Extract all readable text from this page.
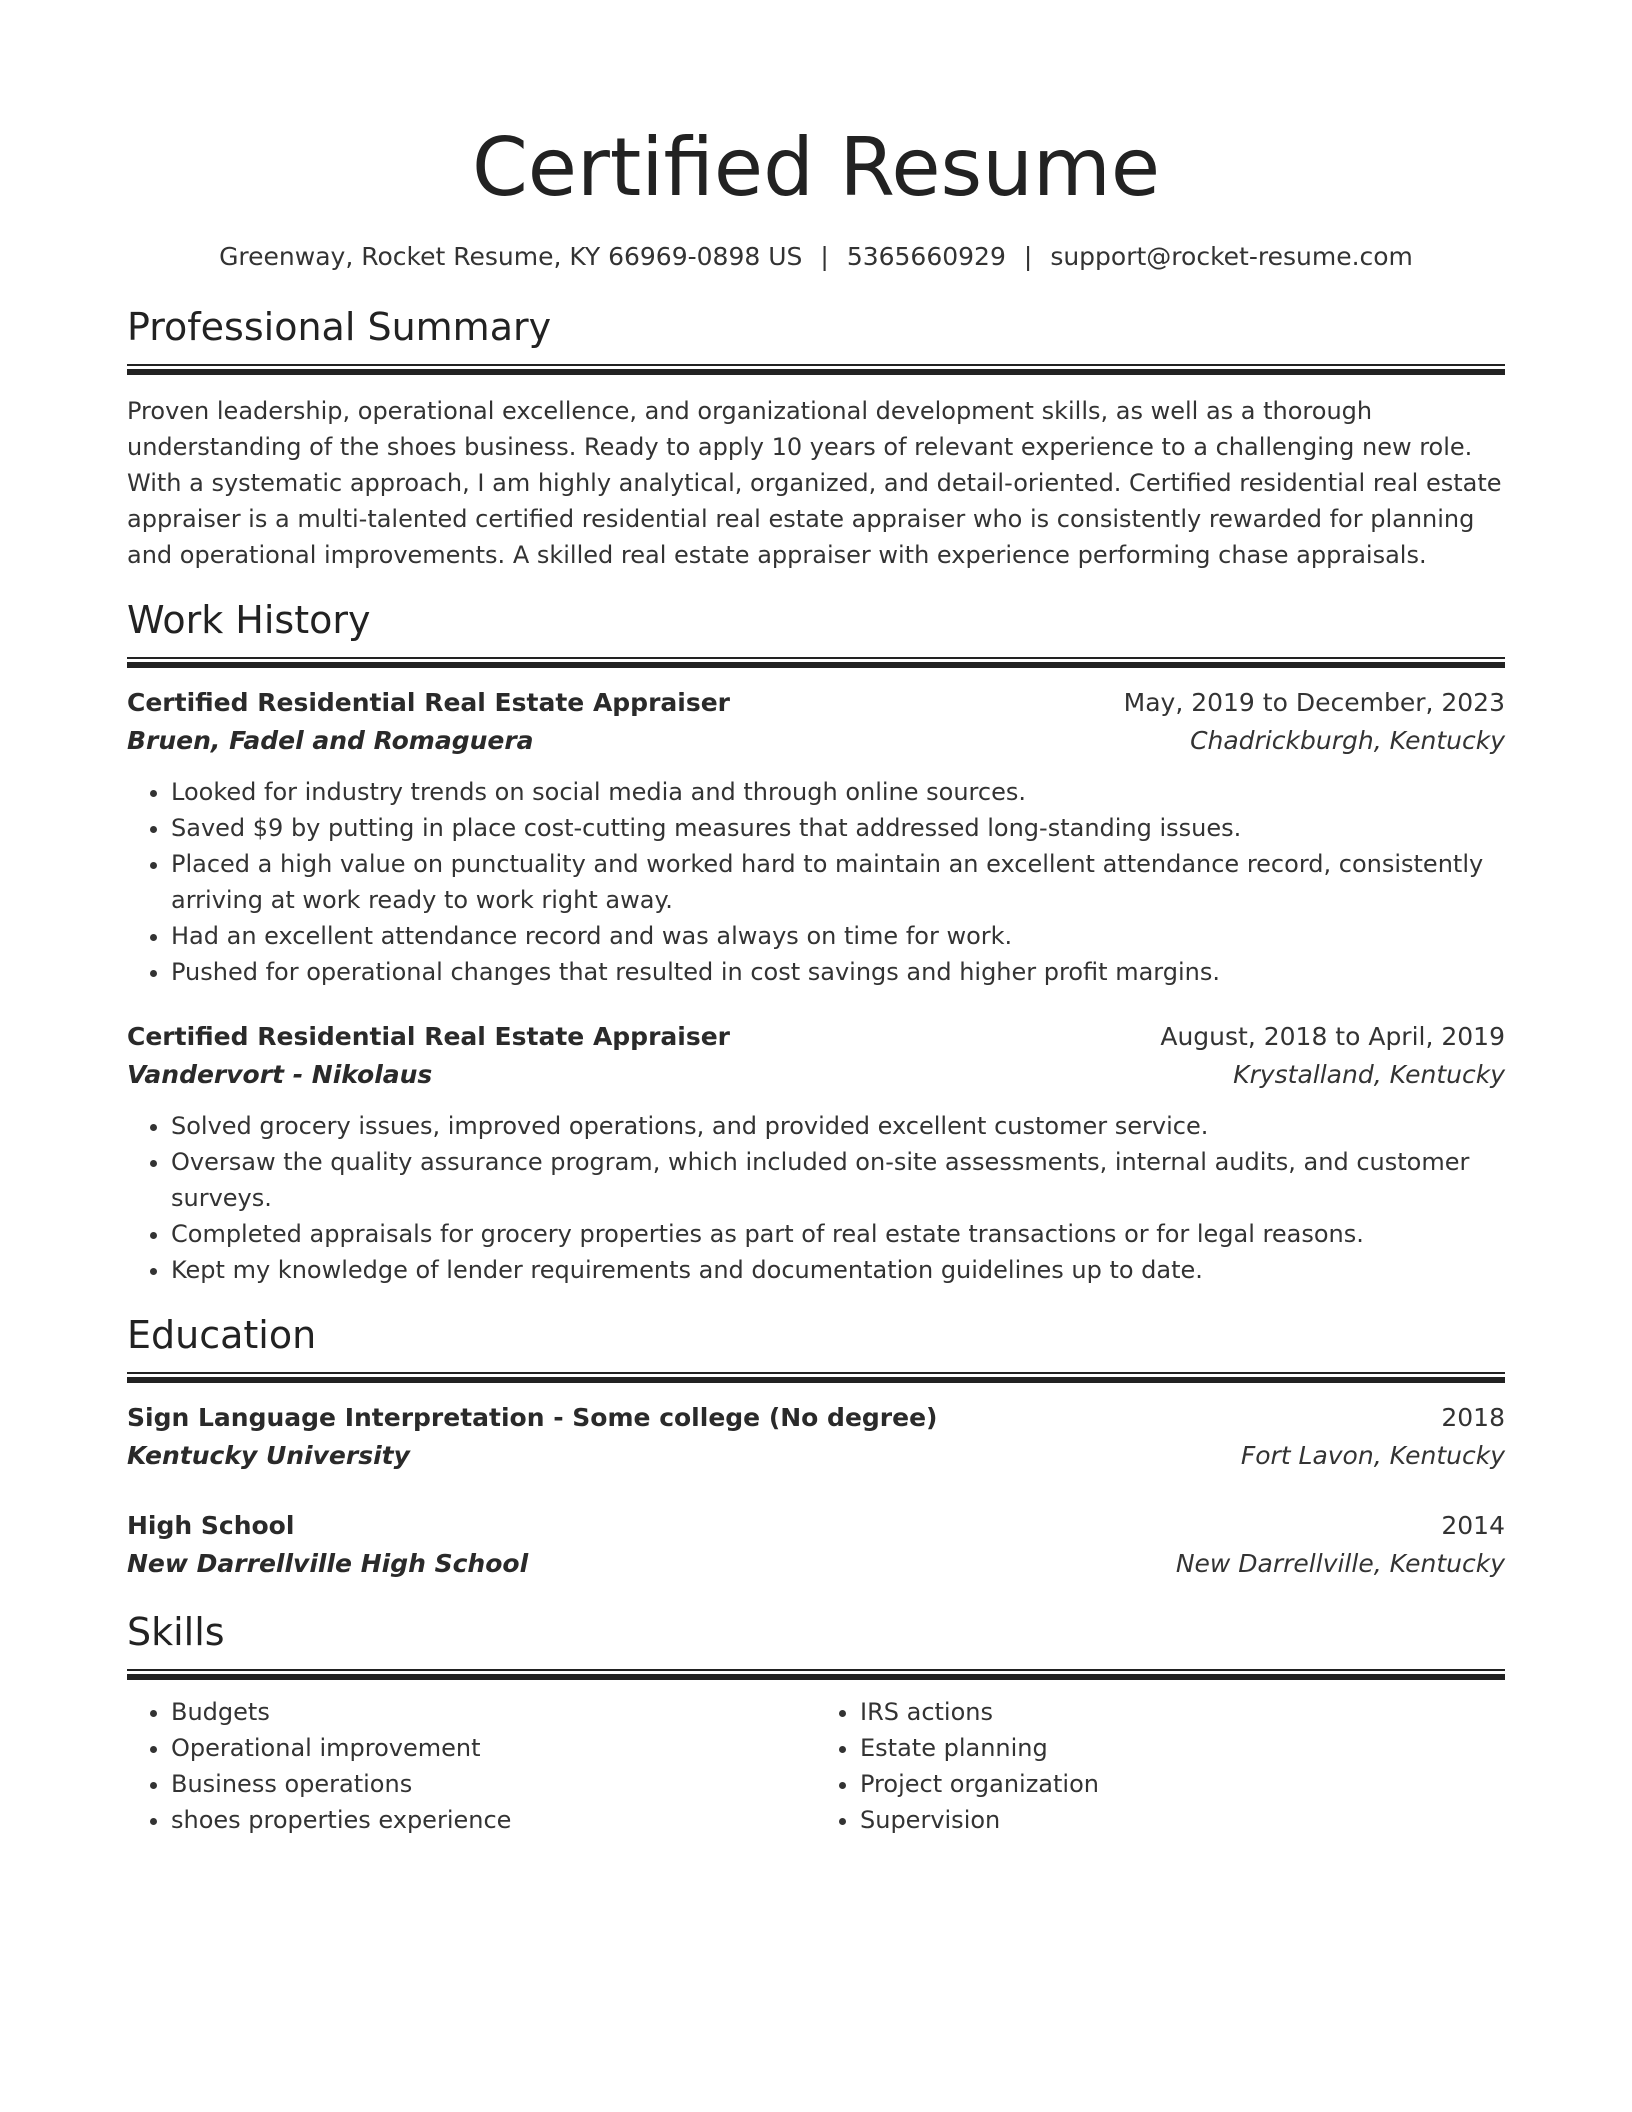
Certified Resume
Greenway, Rocket Resume, KY 66969-0898 US | 5365660929 | support@rocket-resume.com
Professional Summary
Proven leadership, operational excellence, and organizational development skills, as well as a thorough understanding of the shoes business. Ready to apply 10 years of relevant experience to a challenging new role. With a systematic approach, I am highly analytical, organized, and detail-oriented. Certified residential real estate appraiser is a multi-talented certified residential real estate appraiser who is consistently rewarded for planning and operational improvements. A skilled real estate appraiser with experience performing chase appraisals.
Work History
Certified Residential Real Estate Appraiser	May, 2019 to December, 2023
Bruen, Fadel and Romaguera	Chadrickburgh, Kentucky
• Looked for industry trends on social media and through online sources.
• Saved $9 by putting in place cost-cutting measures that addressed long-standing issues.
• Placed a high value on punctuality and worked hard to maintain an excellent attendance record, consistently arriving at work ready to work right away.
• Had an excellent attendance record and was always on time for work.
• Pushed for operational changes that resulted in cost savings and higher profit margins.
Certified Residential Real Estate Appraiser	August, 2018 to April, 2019
Vandervort - Nikolaus	Krystalland, Kentucky
• Solved grocery issues, improved operations, and provided excellent customer service.
• Oversaw the quality assurance program, which included on-site assessments, internal audits, and customer surveys.
• Completed appraisals for grocery properties as part of real estate transactions or for legal reasons.
• Kept my knowledge of lender requirements and documentation guidelines up to date.
Education
Sign Language Interpretation - Some college (No degree)	2018
Kentucky University	Fort Lavon, Kentucky
High School	2014
New Darrellville High School	New Darrellville, Kentucky
Skills
• Budgets
• Operational improvement
• Business operations
• shoes properties experience
• IRS actions
• Estate planning
• Project organization
• Supervision
